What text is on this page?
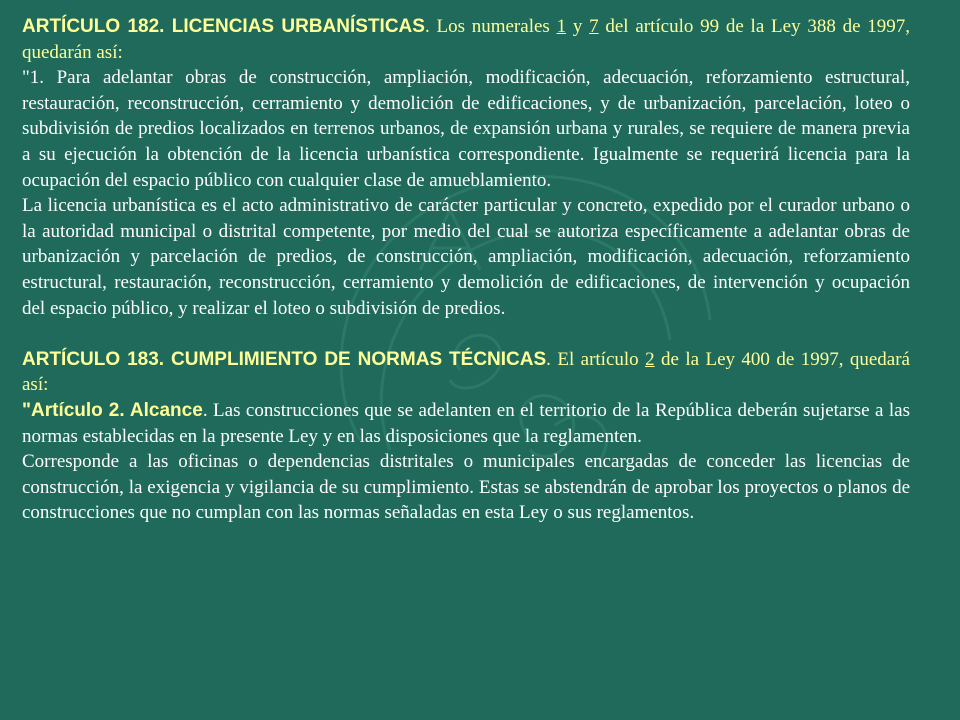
ARTÍCULO 182. LICENCIAS URBANÍSTICAS. Los numerales 1 y 7 del artículo 99 de la Ley 388 de 1997, quedarán así:

"1. Para adelantar obras de construcción, ampliación, modificación, adecuación, reforzamiento estructural, restauración, reconstrucción, cerramiento y demolición de edificaciones, y de urbanización, parcelación, loteo o subdivisión de predios localizados en terrenos urbanos, de expansión urbana y rurales, se requiere de manera previa a su ejecución la obtención de la licencia urbanística correspondiente. Igualmente se requerirá licencia para la ocupación del espacio público con cualquier clase de amueblamiento.

La licencia urbanística es el acto administrativo de carácter particular y concreto, expedido por el curador urbano o la autoridad municipal o distrital competente, por medio del cual se autoriza específicamente a adelantar obras de urbanización y parcelación de predios, de construcción, ampliación, modificación, adecuación, reforzamiento estructural, restauración, reconstrucción, cerramiento y demolición de edificaciones, de intervención y ocupación del espacio público, y realizar el loteo o subdivisión de predios.

ARTÍCULO 183. CUMPLIMIENTO DE NORMAS TÉCNICAS. El artículo 2 de la Ley 400 de 1997, quedará así:

"Artículo 2. Alcance. Las construcciones que se adelanten en el territorio de la República deberán sujetarse a las normas establecidas en la presente Ley y en las disposiciones que la reglamenten.

Corresponde a las oficinas o dependencias distritales o municipales encargadas de conceder las licencias de construcción, la exigencia y vigilancia de su cumplimiento. Estas se abstendrán de aprobar los proyectos o planos de construcciones que no cumplan con las normas señaladas en esta Ley o sus reglamentos.
